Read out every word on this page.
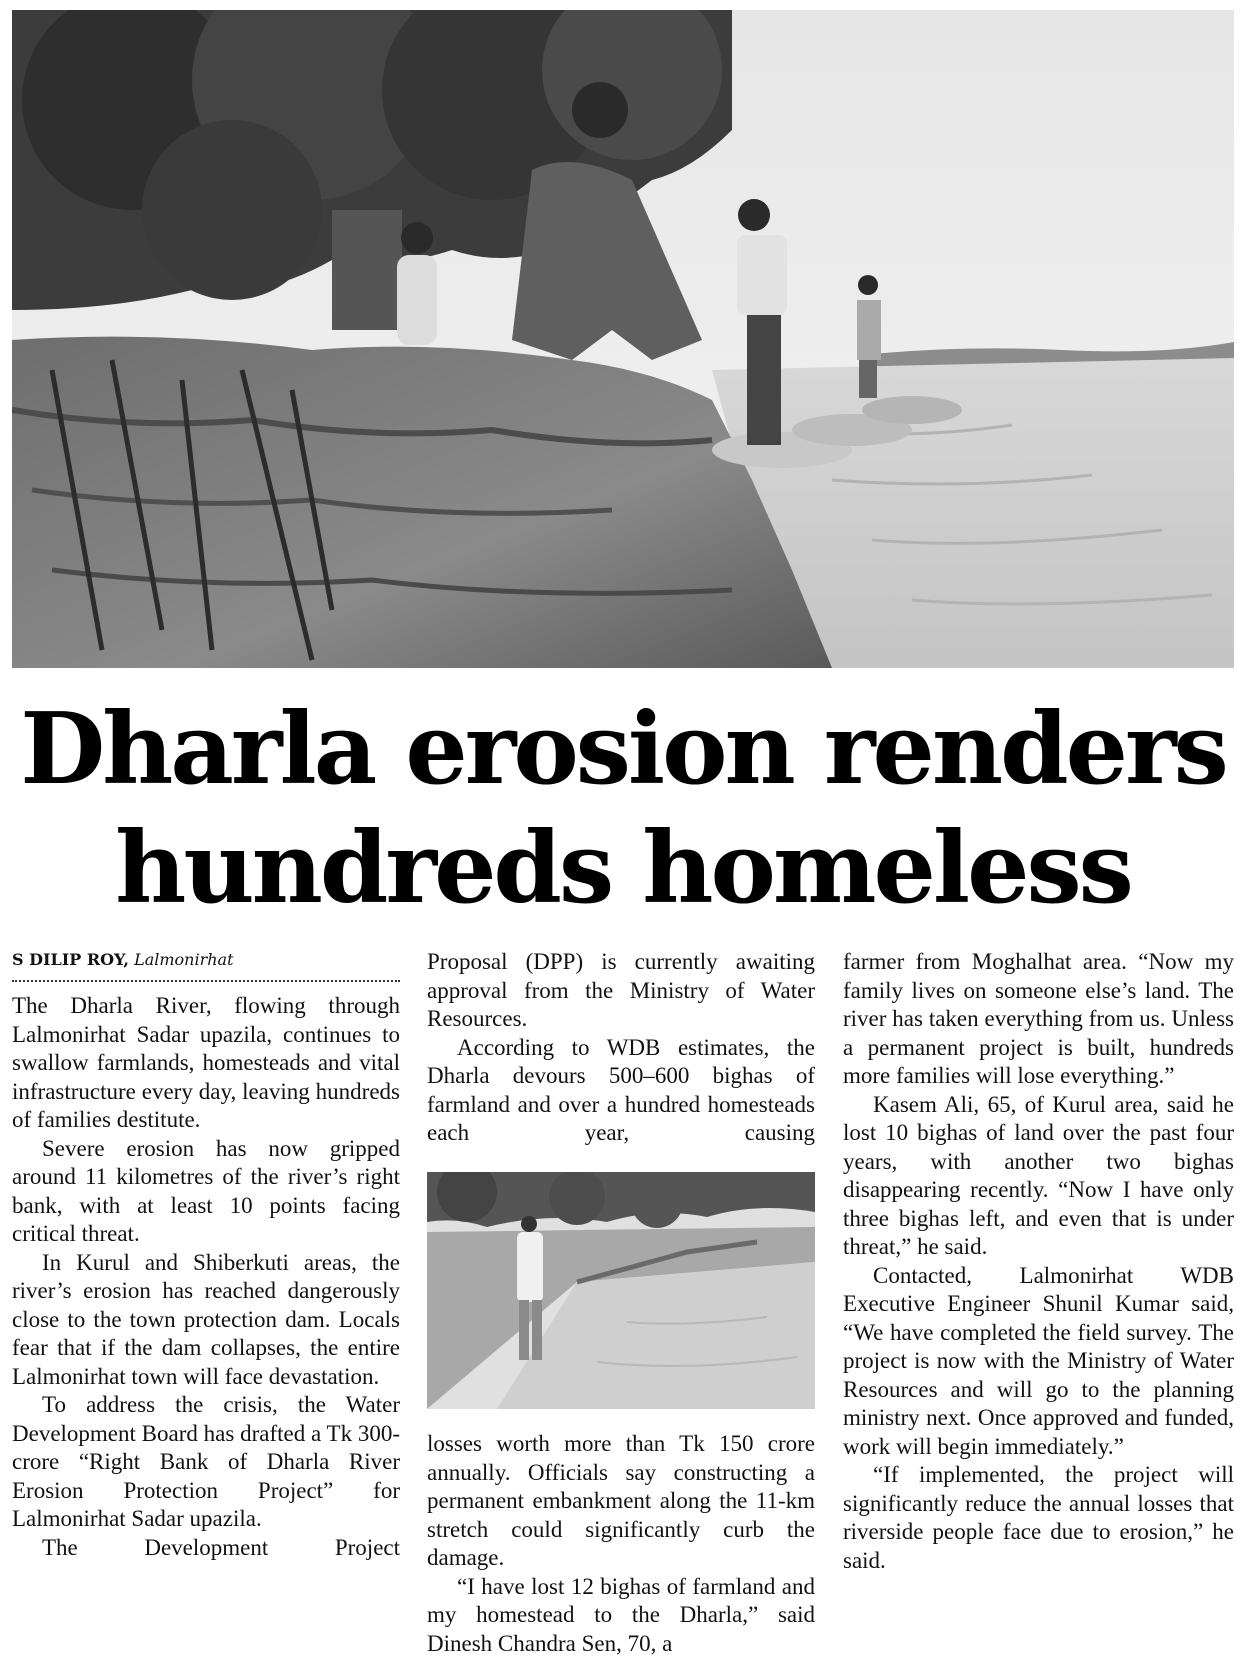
Dharla erosion renders
hundreds homeless
S DILIP ROY, Lalmonirhat

The Dharla River, flowing through Lalmonirhat Sadar upazila, continues to swallow farmlands, homesteads and vital infrastructure every day, leaving hundreds of families destitute.

Severe erosion has now gripped around 11 kilometres of the river’s right bank, with at least 10 points facing critical threat.

In Kurul and Shiberkuti areas, the river’s erosion has reached dangerously close to the town protection dam. Locals fear that if the dam collapses, the entire Lalmonirhat town will face devastation.

To address the crisis, the Water Development Board has drafted a Tk 300-crore “Right Bank of Dharla River Erosion Protection Project” for Lalmonirhat Sadar upazila.

The Development Project

Proposal (DPP) is currently awaiting approval from the Ministry of Water Resources.

According to WDB estimates, the Dharla devours 500–600 bighas of farmland and over a hundred homesteads each year, causing

losses worth more than Tk 150 crore annually. Officials say constructing a permanent embankment along the 11-km stretch could significantly curb the damage.

“I have lost 12 bighas of farmland and my homestead to the Dharla,” said Dinesh Chandra Sen, 70, a

farmer from Moghalhat area. “Now my family lives on someone else’s land. The river has taken everything from us. Unless a permanent project is built, hundreds more families will lose everything.”

Kasem Ali, 65, of Kurul area, said he lost 10 bighas of land over the past four years, with another two bighas disappearing recently. “Now I have only three bighas left, and even that is under threat,” he said.

Contacted, Lalmonirhat WDB Executive Engineer Shunil Kumar said, “We have completed the field survey. The project is now with the Ministry of Water Resources and will go to the planning ministry next. Once approved and funded, work will begin immediately.”

“If implemented, the project will significantly reduce the annual losses that riverside people face due to erosion,” he said.
